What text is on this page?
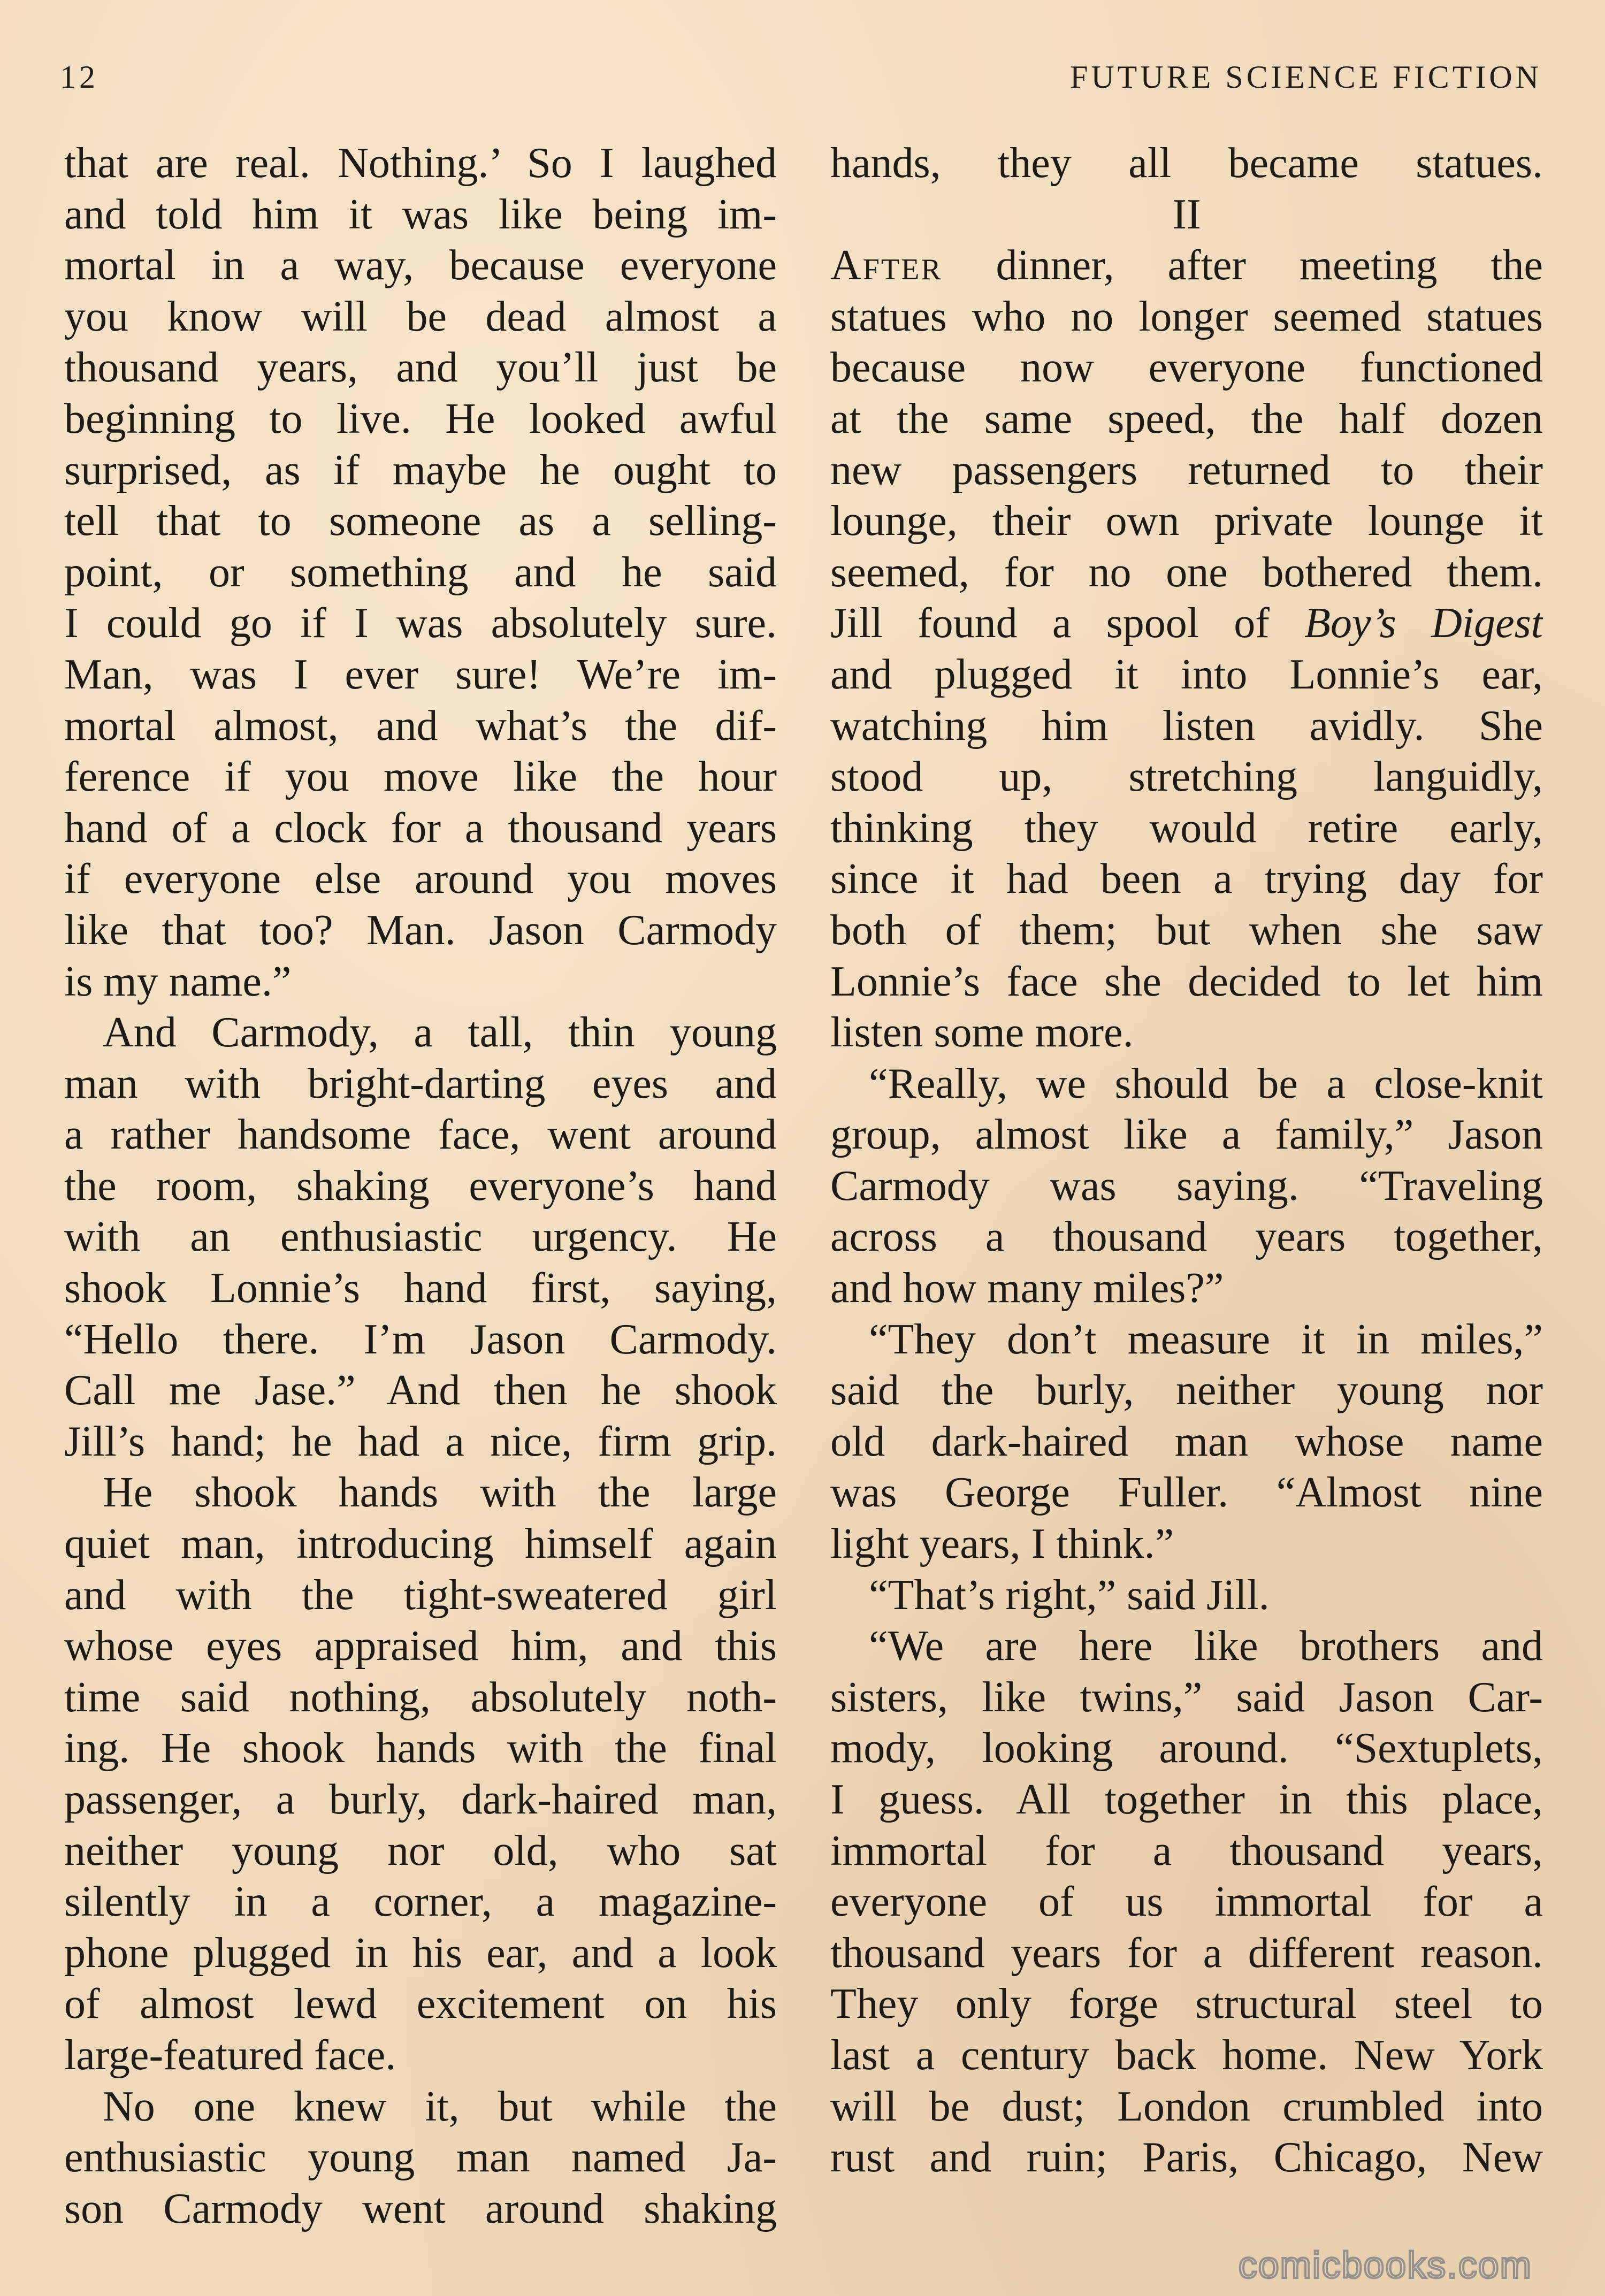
12	FUTURE SCIENCE FICTION
that are real. Nothing.’ So I laughed
and told him it was like being im-
mortal in a way, because everyone
you know will be dead almost a
thousand years, and you’ll just be
beginning to live. He looked awful
surprised, as if maybe he ought to
tell that to someone as a selling-
point, or something and he said
I could go if I was absolutely sure.
Man, was I ever sure! We’re im-
mortal almost, and what’s the dif-
ference if you move like the hour
hand of a clock for a thousand years
if everyone else around you moves
like that too? Man. Jason Carmody
is my name.”
And Carmody, a tall, thin young
man with bright-darting eyes and
a rather handsome face, went around
the room, shaking everyone’s hand
with an enthusiastic urgency. He
shook Lonnie’s hand first, saying,
“Hello there. I’m Jason Carmody.
Call me Jase.” And then he shook
Jill’s hand; he had a nice, firm grip.
He shook hands with the large
quiet man, introducing himself again
and with the tight-sweatered girl
whose eyes appraised him, and this
time said nothing, absolutely noth-
ing. He shook hands with the final
passenger, a burly, dark-haired man,
neither young nor old, who sat
silently in a corner, a magazine-
phone plugged in his ear, and a look
of almost lewd excitement on his
large-featured face.
No one knew it, but while the
enthusiastic young man named Ja-
son Carmody went around shaking
hands, they all became statues.
II
After dinner, after meeting the
statues who no longer seemed statues
because now everyone functioned
at the same speed, the half dozen
new passengers returned to their
lounge, their own private lounge it
seemed, for no one bothered them.
Jill found a spool of Boy’s Digest
and plugged it into Lonnie’s ear,
watching him listen avidly. She
stood up, stretching languidly,
thinking they would retire early,
since it had been a trying day for
both of them; but when she saw
Lonnie’s face she decided to let him
listen some more.
“Really, we should be a close-knit
group, almost like a family,” Jason
Carmody was saying. “Traveling
across a thousand years together,
and how many miles?”
“They don’t measure it in miles,”
said the burly, neither young nor
old dark-haired man whose name
was George Fuller. “Almost nine
light years, I think.”
“That’s right,” said Jill.
“We are here like brothers and
sisters, like twins,” said Jason Car-
mody, looking around. “Sextuplets,
I guess. All together in this place,
immortal for a thousand years,
everyone of us immortal for a
thousand years for a different reason.
They only forge structural steel to
last a century back home. New York
will be dust; London crumbled into
rust and ruin; Paris, Chicago, New
comicbooks.com
